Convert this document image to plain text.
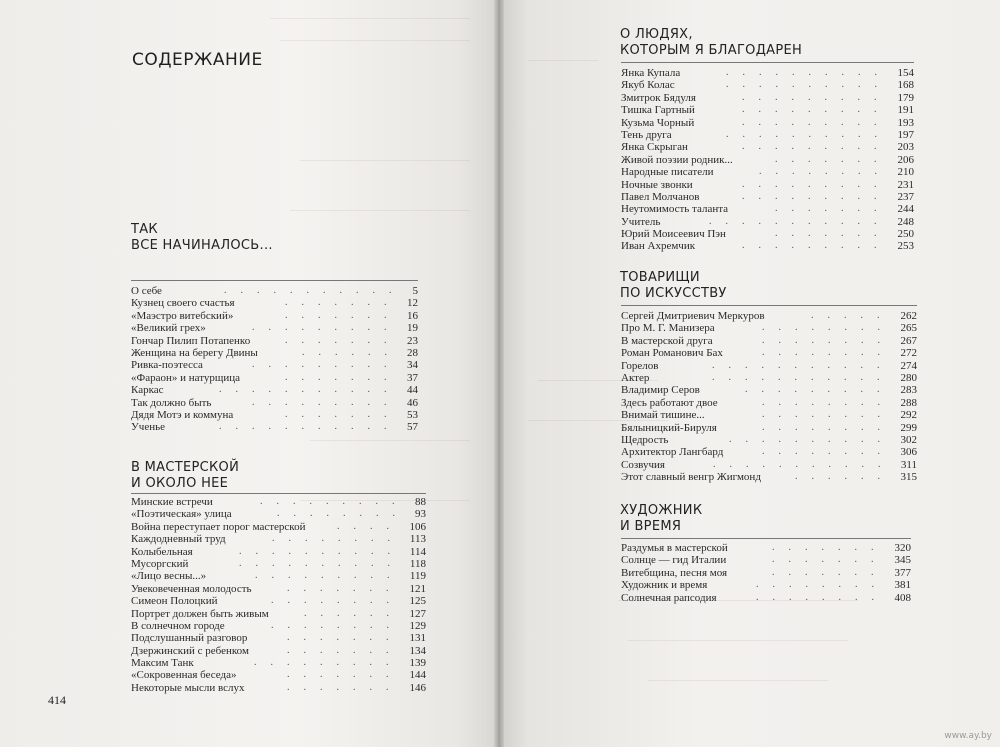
СОДЕРЖАНИЕ
ТАК
ВСЕ НАЧИНАЛОСЬ...
О себе	........... 5
Кузнец своего счастья	....... 12
«Маэстро витебский»	....... 16
«Великий грех»	......... 19
Гончар Пилип Потапенко	....... 23
Женщина на берегу Двины	...... 28
Ривка-поэтесса	......... 34
«Фараон» и натурщица	....... 37
Каркас	........... 44
Так должно быть	......... 46
Дядя Мотэ и коммуна	....... 53
Ученье	........... 57
В МАСТЕРСКОЙ
И ОКОЛО НЕЕ
Минские встречи	......... 88
«Поэтическая» улица	........ 93
Война переступает порог мастерской	.... 106
Каждодневный труд	........ 113
Колыбельная	.......... 114
Мусоргский	.......... 118
«Лицо весны...»	......... 119
Увековеченная молодость	....... 121
Симеон Полоцкий	........ 125
Портрет должен быть живым	...... 127
В солнечном городе	........ 129
Подслушанный разговор	....... 131
Дзержинский с ребенком	....... 134
Максим Танк	......... 139
«Сокровенная беседа»	....... 144
Некоторые мысли вслух	....... 146
414
О ЛЮДЯХ,
КОТОРЫМ Я БЛАГОДАРЕН
Янка Купала	.......... 154
Якуб Колас	.......... 168
Змитрок Бядуля	......... 179
Тишка Гартный	......... 191
Кузьма Чорный	......... 193
Тень друга	.......... 197
Янка Скрыган	......... 203
Живой поэзии родник...	....... 206
Народные писатели	........ 210
Ночные звонки	......... 231
Павел Молчанов	......... 237
Неутомимость таланта	....... 244
Учитель	........... 248
Юрий Моисеевич Пэн	....... 250
Иван Ахремчик	......... 253
ТОВАРИЩИ
ПО ИСКУССТВУ
Сергей Дмитриевич Меркуров	..... 262
Про М. Г. Манизера	........ 265
В мастерской друга	........ 267
Роман Романович Бах	........ 272
Горелов	........... 274
Актер	........... 280
Владимир Серов	......... 283
Здесь работают двое	........ 288
Внимай тишине...	........ 292
Бялыницкий-Бируля	........ 299
Щедрость	.......... 302
Архитектор Лангбард	........ 306
Созвучия	........... 311
Этот славный венгр Жигмонд	...... 315
ХУДОЖНИК
И ВРЕМЯ
Раздумья в мастерской	....... 320
Солнце — гид Италии	....... 345
Витебщина, песня моя	....... 377
Художник и время	........ 381
Солнечная рапсодия	........ 408
www.ay.by
